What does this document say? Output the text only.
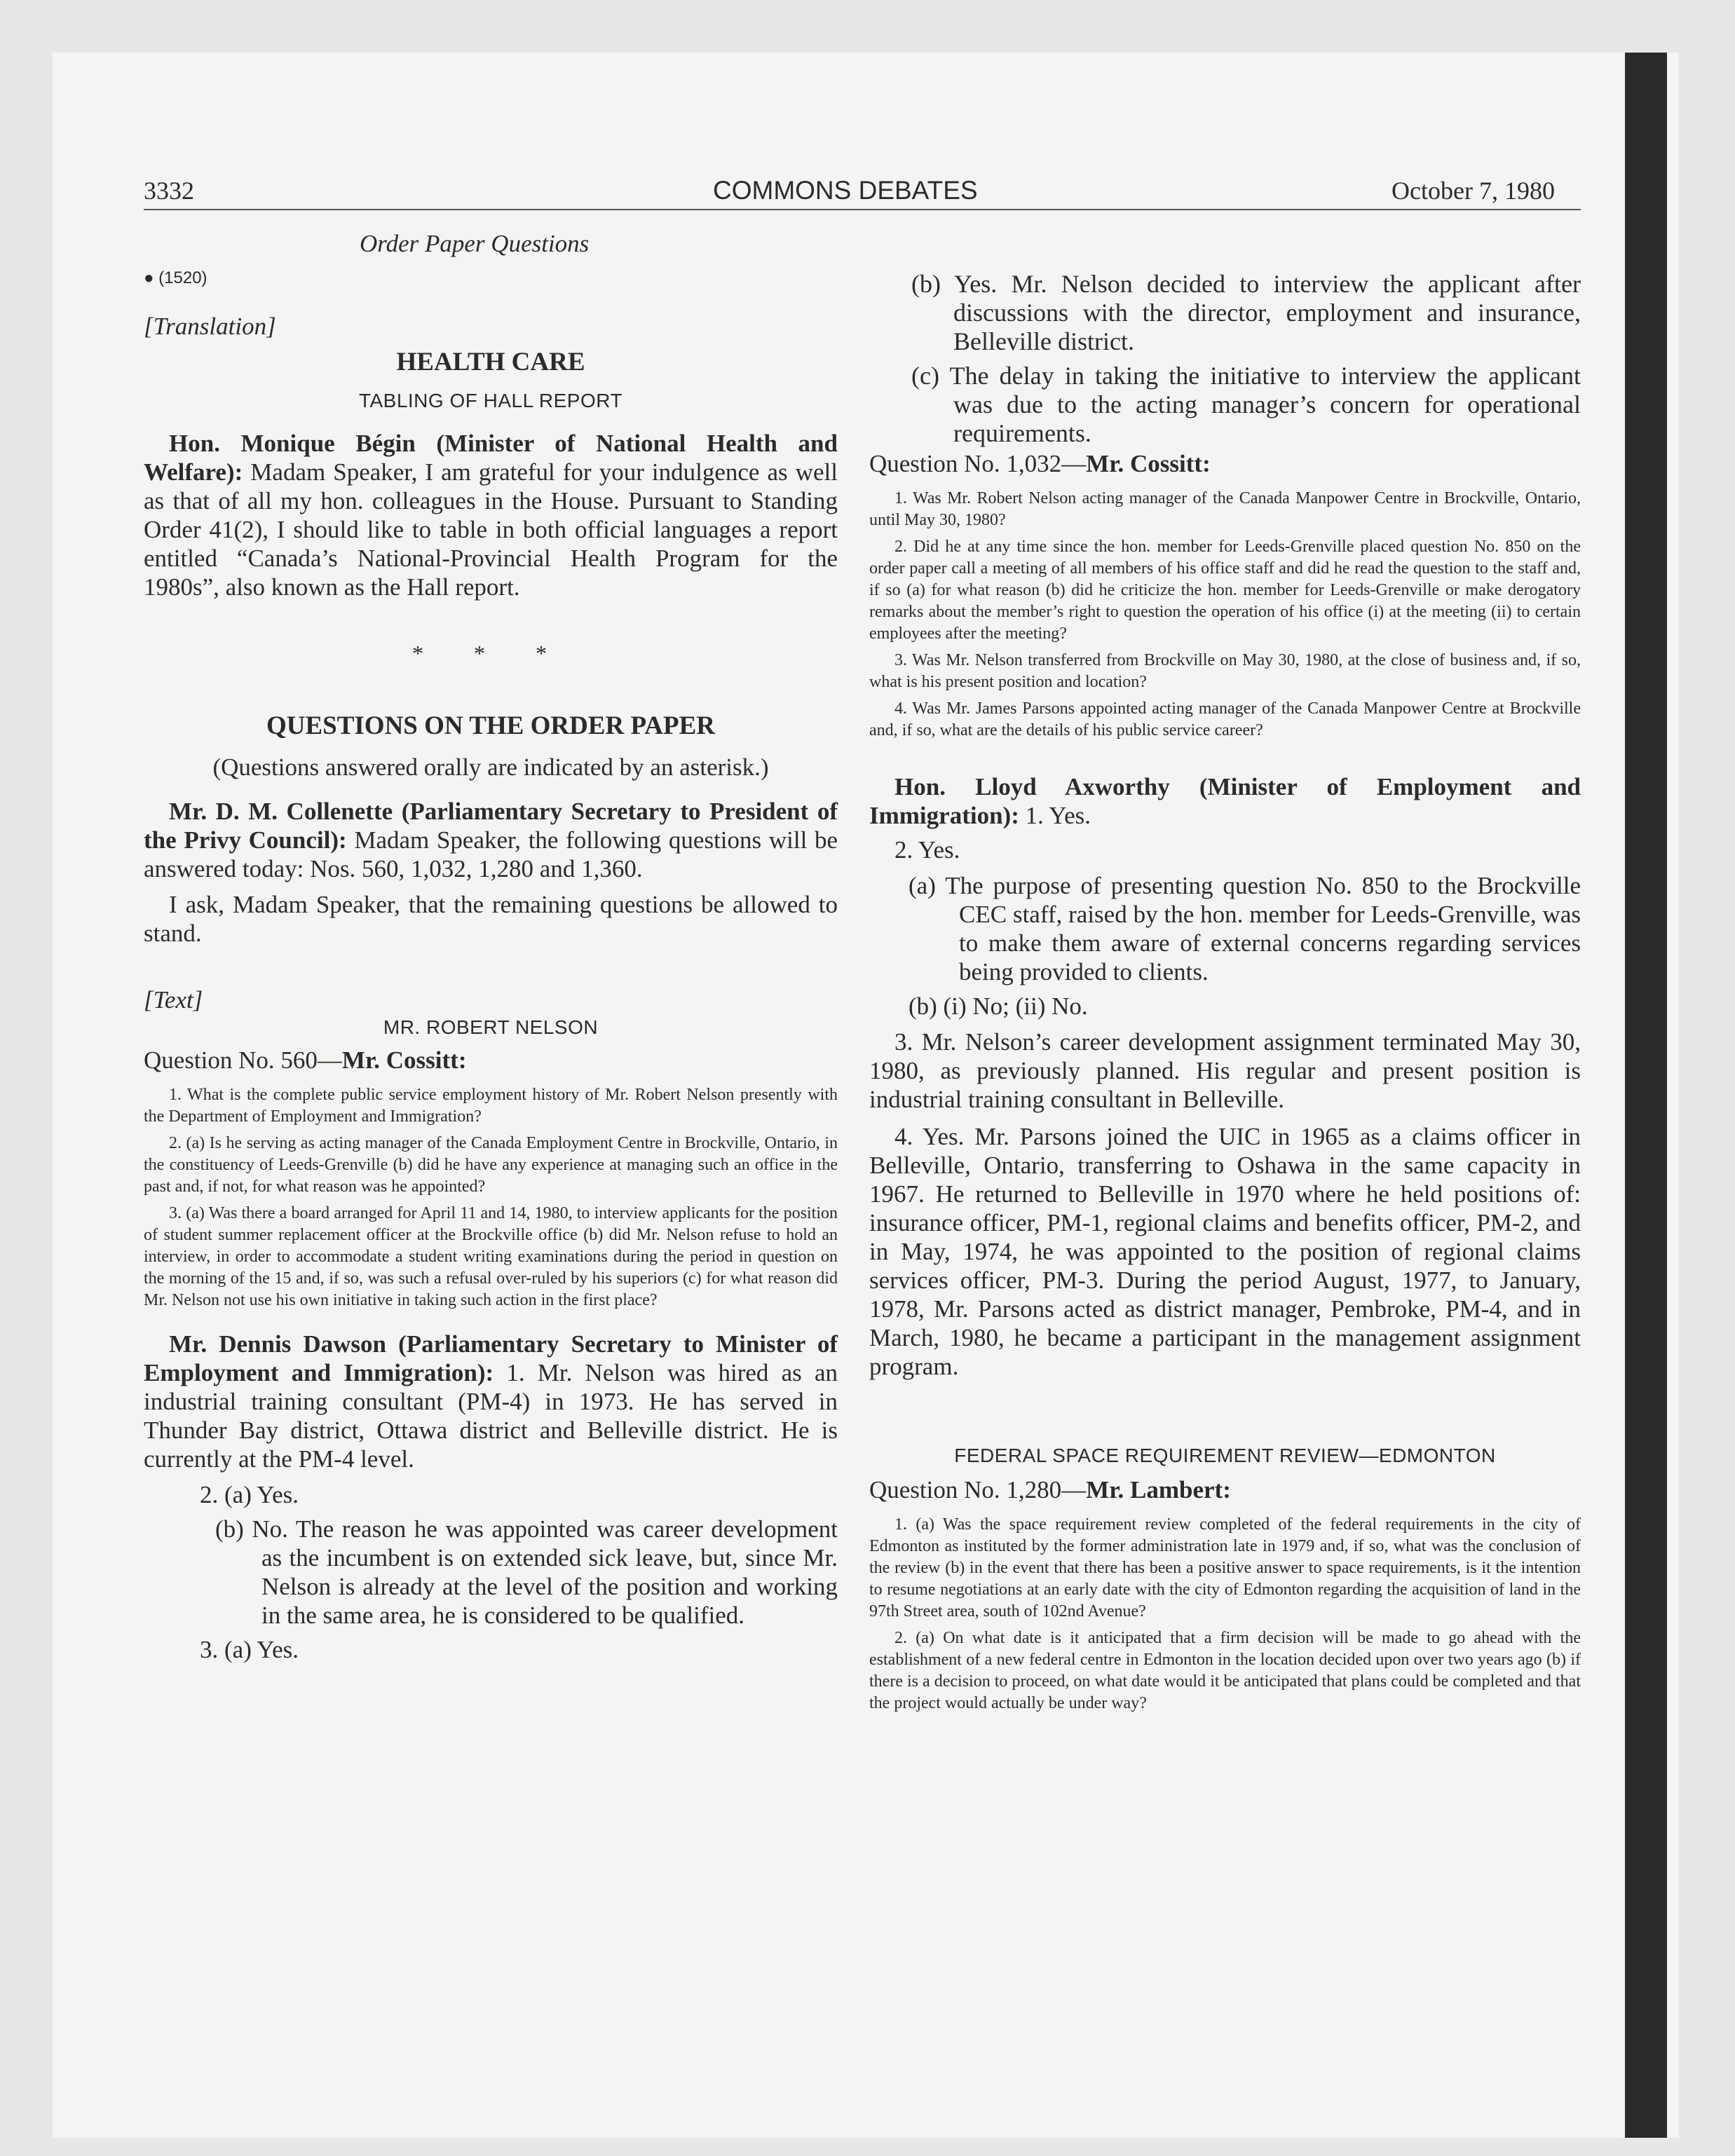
3332	COMMONS DEBATES	October 7, 1980
Order Paper Questions
● (1520)
[Translation]
HEALTH CARE
TABLING OF HALL REPORT

Hon. Monique Bégin (Minister of National Health and Welfare): Madam Speaker, I am grateful for your indulgence as well as that of all my hon. colleagues in the House. Pursuant to Standing Order 41(2), I should like to table in both official languages a report entitled “Canada’s National-Provincial Health Program for the 1980s”, also known as the Hall report.

* * *
QUESTIONS ON THE ORDER PAPER
(Questions answered orally are indicated by an asterisk.)

Mr. D. M. Collenette (Parliamentary Secretary to President of the Privy Council): Madam Speaker, the following questions will be answered today: Nos. 560, 1,032, 1,280 and 1,360.

I ask, Madam Speaker, that the remaining questions be allowed to stand.

[Text]
MR. ROBERT NELSON
Question No. 560—Mr. Cossitt:

1. What is the complete public service employment history of Mr. Robert Nelson presently with the Department of Employment and Immigration?

2. (a) Is he serving as acting manager of the Canada Employment Centre in Brockville, Ontario, in the constituency of Leeds-Grenville (b) did he have any experience at managing such an office in the past and, if not, for what reason was he appointed?

3. (a) Was there a board arranged for April 11 and 14, 1980, to interview applicants for the position of student summer replacement officer at the Brockville office (b) did Mr. Nelson refuse to hold an interview, in order to accommodate a student writing examinations during the period in question on the morning of the 15 and, if so, was such a refusal over-ruled by his superiors (c) for what reason did Mr. Nelson not use his own initiative in taking such action in the first place?

Mr. Dennis Dawson (Parliamentary Secretary to Minister of Employment and Immigration): 1. Mr. Nelson was hired as an industrial training consultant (PM-4) in 1973. He has served in Thunder Bay district, Ottawa district and Belleville district. He is currently at the PM-4 level.

2. (a) Yes.

(b) No. The reason he was appointed was career development as the incumbent is on extended sick leave, but, since Mr. Nelson is already at the level of the position and working in the same area, he is considered to be qualified.

3. (a) Yes.

(b) Yes. Mr. Nelson decided to interview the applicant after discussions with the director, employment and insurance, Belleville district.

(c) The delay in taking the initiative to interview the applicant was due to the acting manager’s concern for operational requirements.

Question No. 1,032—Mr. Cossitt:

1. Was Mr. Robert Nelson acting manager of the Canada Manpower Centre in Brockville, Ontario, until May 30, 1980?

2. Did he at any time since the hon. member for Leeds-Grenville placed question No. 850 on the order paper call a meeting of all members of his office staff and did he read the question to the staff and, if so (a) for what reason (b) did he criticize the hon. member for Leeds-Grenville or make derogatory remarks about the member’s right to question the operation of his office (i) at the meeting (ii) to certain employees after the meeting?

3. Was Mr. Nelson transferred from Brockville on May 30, 1980, at the close of business and, if so, what is his present position and location?

4. Was Mr. James Parsons appointed acting manager of the Canada Manpower Centre at Brockville and, if so, what are the details of his public service career?

Hon. Lloyd Axworthy (Minister of Employment and Immigration): 1. Yes.

2. Yes.

(a) The purpose of presenting question No. 850 to the Brockville CEC staff, raised by the hon. member for Leeds-Grenville, was to make them aware of external concerns regarding services being provided to clients.

(b) (i) No; (ii) No.

3. Mr. Nelson’s career development assignment terminated May 30, 1980, as previously planned. His regular and present position is industrial training consultant in Belleville.

4. Yes. Mr. Parsons joined the UIC in 1965 as a claims officer in Belleville, Ontario, transferring to Oshawa in the same capacity in 1967. He returned to Belleville in 1970 where he held positions of: insurance officer, PM-1, regional claims and benefits officer, PM-2, and in May, 1974, he was appointed to the position of regional claims services officer, PM-3. During the period August, 1977, to January, 1978, Mr. Parsons acted as district manager, Pembroke, PM-4, and in March, 1980, he became a participant in the management assignment program.

FEDERAL SPACE REQUIREMENT REVIEW—EDMONTON
Question No. 1,280—Mr. Lambert:

1. (a) Was the space requirement review completed of the federal requirements in the city of Edmonton as instituted by the former administration late in 1979 and, if so, what was the conclusion of the review (b) in the event that there has been a positive answer to space requirements, is it the intention to resume negotiations at an early date with the city of Edmonton regarding the acquisition of land in the 97th Street area, south of 102nd Avenue?

2. (a) On what date is it anticipated that a firm decision will be made to go ahead with the establishment of a new federal centre in Edmonton in the location decided upon over two years ago (b) if there is a decision to proceed, on what date would it be anticipated that plans could be completed and that the project would actually be under way?
